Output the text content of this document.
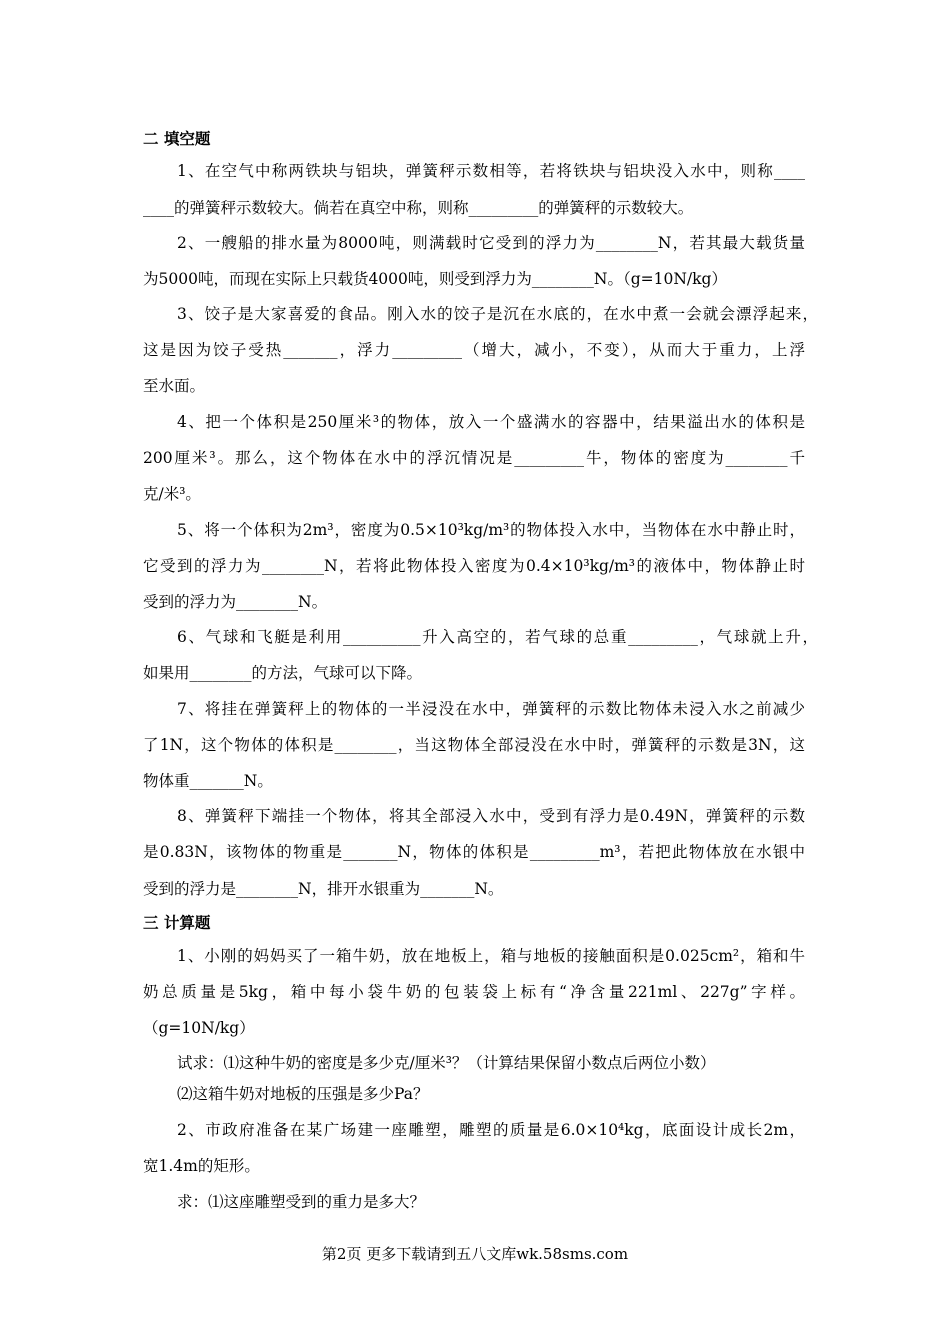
二 填空题
1、在空气中称两铁块与铝块，弹簧秤示数相等，若将铁块与铝块没入水中，则称____
____的弹簧秤示数较大。倘若在真空中称，则称_________的弹簧秤的示数较大。
2、一艘船的排水量为8000吨，则满载时它受到的浮力为________N，若其最大载货量
为5000吨，而现在实际上只载货4000吨，则受到浮力为________N。（g=10N/kg）
3、饺子是大家喜爱的食品。刚入水的饺子是沉在水底的，在水中煮一会就会漂浮起来，
这是因为饺子受热_______，浮力_________（增大，减小，不变），从而大于重力，上浮
至水面。
4、把一个体积是250厘米³的物体，放入一个盛满水的容器中，结果溢出水的体积是
200厘米³。那么，这个物体在水中的浮沉情况是_________牛，物体的密度为________千
克/米³。
5、将一个体积为2m³，密度为0.5×10³kg/m³的物体投入水中，当物体在水中静止时，
它受到的浮力为________N，若将此物体投入密度为0.4×10³kg/m³的液体中，物体静止时
受到的浮力为________N。
6、气球和飞艇是利用__________升入高空的，若气球的总重_________，气球就上升，
如果用________的方法，气球可以下降。
7、将挂在弹簧秤上的物体的一半浸没在水中，弹簧秤的示数比物体未浸入水之前减少
了1N，这个物体的体积是________，当这物体全部浸没在水中时，弹簧秤的示数是3N，这
物体重_______N。
8、弹簧秤下端挂一个物体，将其全部浸入水中，受到有浮力是0.49N，弹簧秤的示数
是0.83N，该物体的物重是_______N，物体的体积是_________m³，若把此物体放在水银中
受到的浮力是________N，排开水银重为_______N。
三 计算题
1、小刚的妈妈买了一箱牛奶，放在地板上，箱与地板的接触面积是0.025cm²，箱和牛
奶总质量是5kg，箱中每小袋牛奶的包装袋上标有“净含量221ml、227g”字样。
（g=10N/kg）
试求：⑴这种牛奶的密度是多少克/厘米³？（计算结果保留小数点后两位小数）
⑵这箱牛奶对地板的压强是多少Pa？
2、市政府准备在某广场建一座雕塑，雕塑的质量是6.0×10⁴kg，底面设计成长2m，
宽1.4m的矩形。
求：⑴这座雕塑受到的重力是多大？
第2页 更多下载请到五八文库wk.58sms.com
